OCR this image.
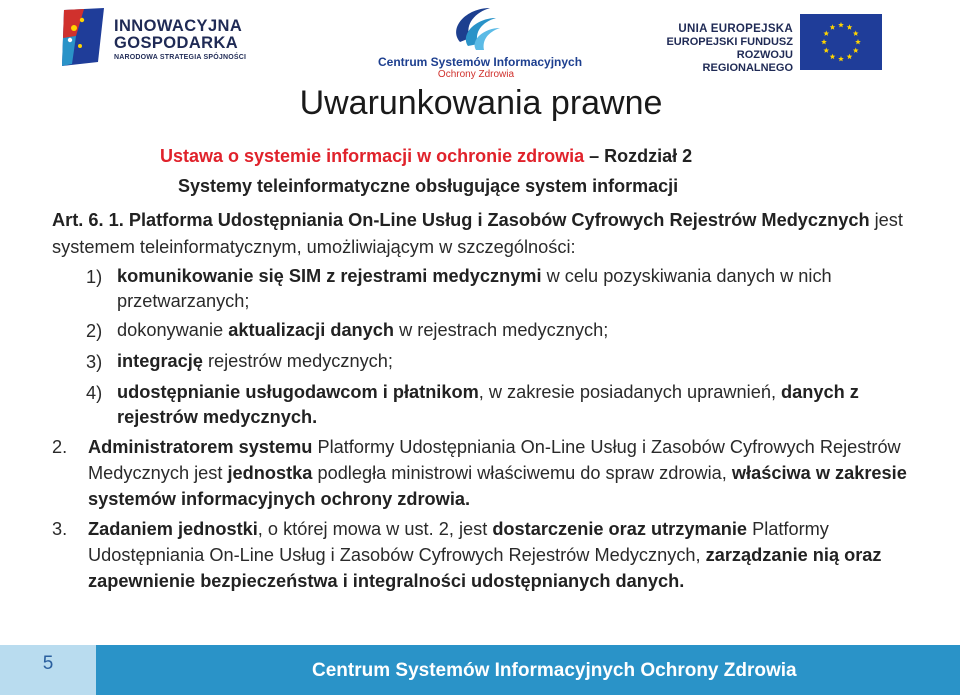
INNOWACYJNA
GOSPODARKA
NARODOWA STRATEGIA SPÓJNOŚCI	Centrum Systemów Informacyjnych
Ochrony Zdrowia
UNIA EUROPEJSKA
EUROPEJSKI FUNDUSZ
ROZWOJU REGIONALNEGO
Uwarunkowania prawne
Ustawa o systemie informacji w ochronie zdrowia – Rozdział 2
Systemy teleinformatyczne obsługujące system informacji
Art. 6. 1. Platforma Udostępniania On-Line Usług i Zasobów Cyfrowych Rejestrów Medycznych jest systemem teleinformatycznym, umożliwiającym w szczególności:
1) komunikowanie się SIM z rejestrami medycznymi w celu pozyskiwania danych w nich przetwarzanych;
2) dokonywanie aktualizacji danych w rejestrach medycznych;
3) integrację rejestrów medycznych;
4) udostępnianie usługodawcom i płatnikom, w zakresie posiadanych uprawnień, danych z rejestrów medycznych.
2.	Administratorem systemu Platformy Udostępniania On-Line Usług i Zasobów Cyfrowych Rejestrów Medycznych jest jednostka podległa ministrowi właściwemu do spraw zdrowia, właściwa w zakresie systemów informacyjnych ochrony zdrowia.
3.	Zadaniem jednostki, o której mowa w ust. 2, jest dostarczenie oraz utrzymanie Platformy Udostępniania On-Line Usług i Zasobów Cyfrowych Rejestrów Medycznych, zarządzanie nią oraz zapewnienie bezpieczeństwa i integralności udostępnianych danych.
5	Centrum Systemów Informacyjnych Ochrony Zdrowia
